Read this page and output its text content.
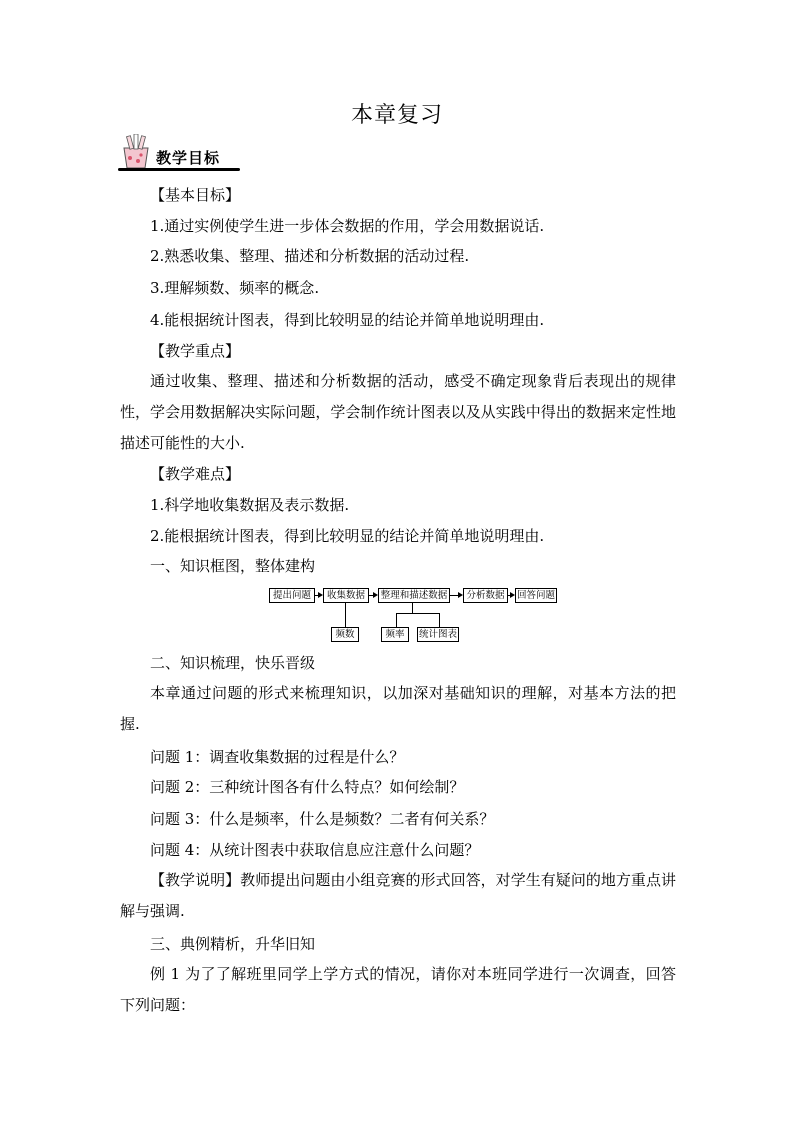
本章复习
教学目标
【基本目标】
1.通过实例使学生进一步体会数据的作用，学会用数据说话.
2.熟悉收集、整理、描述和分析数据的活动过程.
3.理解频数、频率的概念.
4.能根据统计图表，得到比较明显的结论并简单地说明理由.
【教学重点】
通过收集、整理、描述和分析数据的活动，感受不确定现象背后表现出的规律性，学会用数据解决实际问题，学会制作统计图表以及从实践中得出的数据来定性地描述可能性的大小.
【教学难点】
1.科学地收集数据及表示数据.
2.能根据统计图表，得到比较明显的结论并简单地说明理由.
一、知识框图，整体建构
提出问题	收集数据	整理和描述数据	分析数据	回答问题
频数	频率	统计图表
二、知识梳理，快乐晋级
本章通过问题的形式来梳理知识，以加深对基础知识的理解，对基本方法的把握.
问题 1：调查收集数据的过程是什么？
问题 2：三种统计图各有什么特点？如何绘制？
问题 3：什么是频率，什么是频数？二者有何关系？
问题 4：从统计图表中获取信息应注意什么问题？
【教学说明】教师提出问题由小组竞赛的形式回答，对学生有疑问的地方重点讲解与强调.
三、典例精析，升华旧知
例 1 为了了解班里同学上学方式的情况，请你对本班同学进行一次调查，回答下列问题：
